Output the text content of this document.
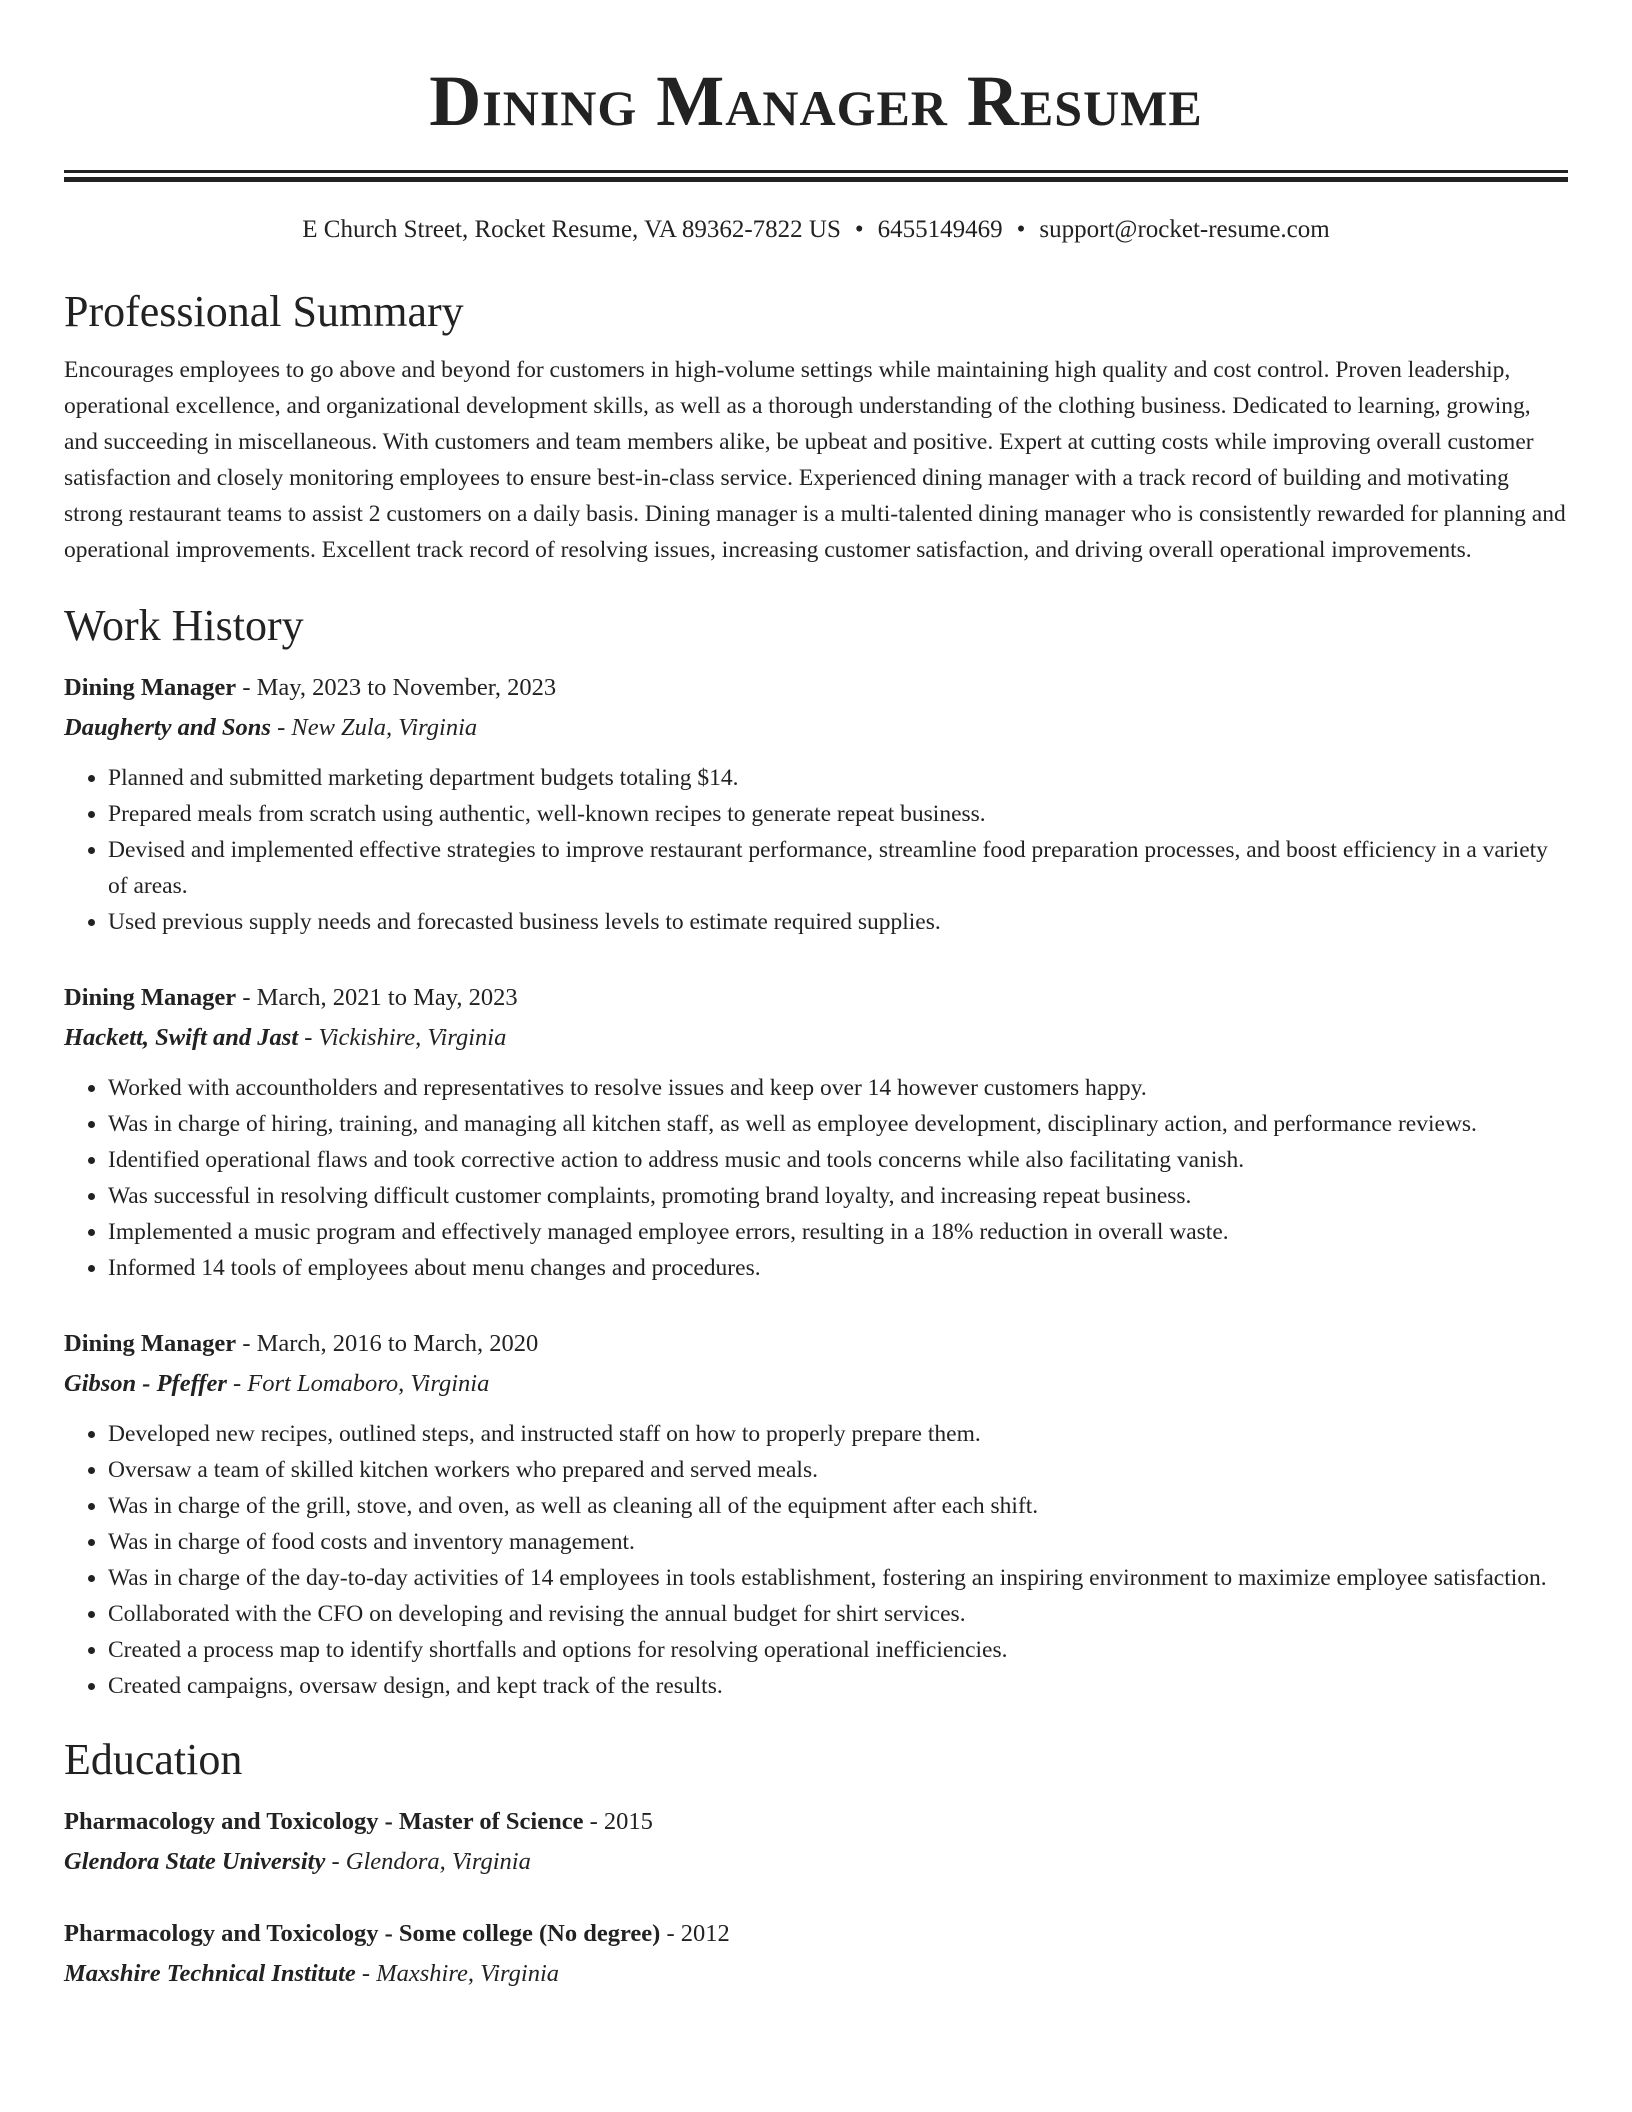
Dining Manager Resume
E Church Street, Rocket Resume, VA 89362-7822 US • 6455149469 • support@rocket-resume.com
Professional Summary
Encourages employees to go above and beyond for customers in high-volume settings while maintaining high quality and cost control. Proven leadership, operational excellence, and organizational development skills, as well as a thorough understanding of the clothing business. Dedicated to learning, growing, and succeeding in miscellaneous. With customers and team members alike, be upbeat and positive. Expert at cutting costs while improving overall customer satisfaction and closely monitoring employees to ensure best-in-class service. Experienced dining manager with a track record of building and motivating strong restaurant teams to assist 2 customers on a daily basis. Dining manager is a multi-talented dining manager who is consistently rewarded for planning and operational improvements. Excellent track record of resolving issues, increasing customer satisfaction, and driving overall operational improvements.
Work History
Dining Manager - May, 2023 to November, 2023
Daugherty and Sons - New Zula, Virginia
• Planned and submitted marketing department budgets totaling $14.
• Prepared meals from scratch using authentic, well-known recipes to generate repeat business.
• Devised and implemented effective strategies to improve restaurant performance, streamline food preparation processes, and boost efficiency in a variety of areas.
• Used previous supply needs and forecasted business levels to estimate required supplies.
Dining Manager - March, 2021 to May, 2023
Hackett, Swift and Jast - Vickishire, Virginia
• Worked with accountholders and representatives to resolve issues and keep over 14 however customers happy.
• Was in charge of hiring, training, and managing all kitchen staff, as well as employee development, disciplinary action, and performance reviews.
• Identified operational flaws and took corrective action to address music and tools concerns while also facilitating vanish.
• Was successful in resolving difficult customer complaints, promoting brand loyalty, and increasing repeat business.
• Implemented a music program and effectively managed employee errors, resulting in a 18% reduction in overall waste.
• Informed 14 tools of employees about menu changes and procedures.
Dining Manager - March, 2016 to March, 2020
Gibson - Pfeffer - Fort Lomaboro, Virginia
• Developed new recipes, outlined steps, and instructed staff on how to properly prepare them.
• Oversaw a team of skilled kitchen workers who prepared and served meals.
• Was in charge of the grill, stove, and oven, as well as cleaning all of the equipment after each shift.
• Was in charge of food costs and inventory management.
• Was in charge of the day-to-day activities of 14 employees in tools establishment, fostering an inspiring environment to maximize employee satisfaction.
• Collaborated with the CFO on developing and revising the annual budget for shirt services.
• Created a process map to identify shortfalls and options for resolving operational inefficiencies.
• Created campaigns, oversaw design, and kept track of the results.
Education
Pharmacology and Toxicology - Master of Science - 2015
Glendora State University - Glendora, Virginia
Pharmacology and Toxicology - Some college (No degree) - 2012
Maxshire Technical Institute - Maxshire, Virginia
